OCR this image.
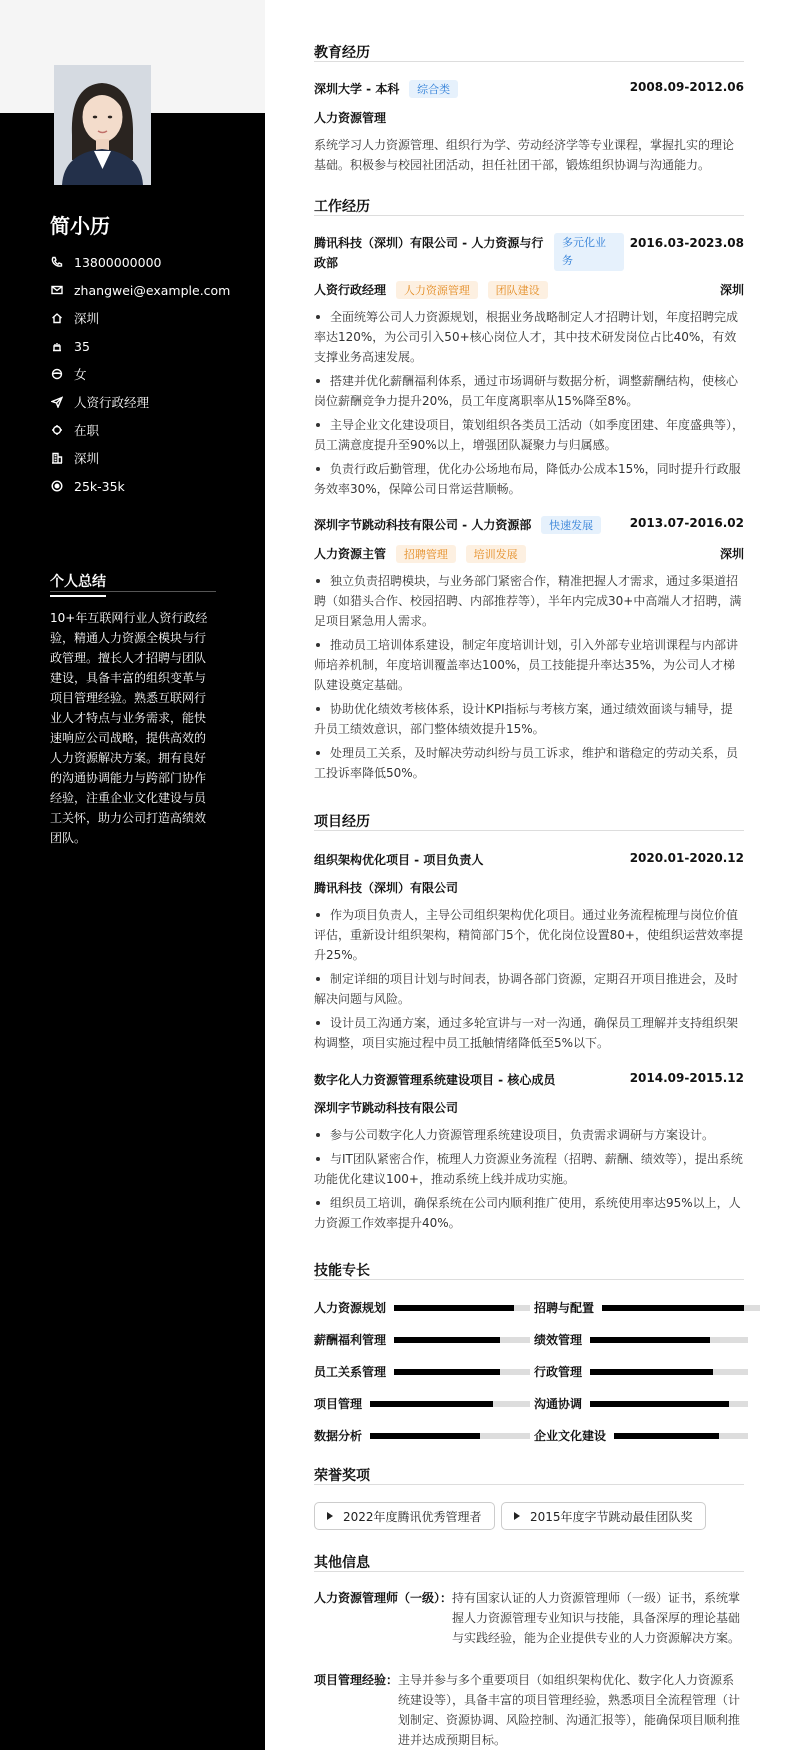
简小历
13800000000
zhangwei@example.com
深圳
35
女
人资行政经理
在职
深圳
25k-35k
个人总结
10+年互联网行业人资行政经验，精通人力资源全模块与行政管理。擅长人才招聘与团队建设，具备丰富的组织变革与项目管理经验。熟悉互联网行业人才特点与业务需求，能快速响应公司战略，提供高效的人力资源解决方案。拥有良好的沟通协调能力与跨部门协作经验，注重企业文化建设与员工关怀，助力公司打造高绩效团队。
教育经历
深圳大学 - 本科 综合类	2008.09-2012.06
人力资源管理
系统学习人力资源管理、组织行为学、劳动经济学等专业课程，掌握扎实的理论基础。积极参与校园社团活动，担任社团干部，锻炼组织协调与沟通能力。
工作经历
腾讯科技（深圳）有限公司 - 人力资源与行政部
多元化业务
2016.03-2023.08
人资行政经理 人力资源管理 团队建设	深圳
全面统筹公司人力资源规划，根据业务战略制定人才招聘计划，年度招聘完成率达120%，为公司引入50+核心岗位人才，其中技术研发岗位占比40%，有效支撑业务高速发展。
搭建并优化薪酬福利体系，通过市场调研与数据分析，调整薪酬结构，使核心岗位薪酬竞争力提升20%，员工年度离职率从15%降至8%。
主导企业文化建设项目，策划组织各类员工活动（如季度团建、年度盛典等），员工满意度提升至90%以上，增强团队凝聚力与归属感。
负责行政后勤管理，优化办公场地布局，降低办公成本15%，同时提升行政服务效率30%，保障公司日常运营顺畅。
深圳字节跳动科技有限公司 - 人力资源部 快速发展	2013.07-2016.02
人力资源主管 招聘管理 培训发展	深圳
独立负责招聘模块，与业务部门紧密合作，精准把握人才需求，通过多渠道招聘（如猎头合作、校园招聘、内部推荐等），半年内完成30+中高端人才招聘，满足项目紧急用人需求。
推动员工培训体系建设，制定年度培训计划，引入外部专业培训课程与内部讲师培养机制，年度培训覆盖率达100%，员工技能提升率达35%，为公司人才梯队建设奠定基础。
协助优化绩效考核体系，设计KPI指标与考核方案，通过绩效面谈与辅导，提升员工绩效意识，部门整体绩效提升15%。
处理员工关系，及时解决劳动纠纷与员工诉求，维护和谐稳定的劳动关系，员工投诉率降低50%。
项目经历
组织架构优化项目 - 项目负责人	2020.01-2020.12
腾讯科技（深圳）有限公司
作为项目负责人，主导公司组织架构优化项目。通过业务流程梳理与岗位价值评估，重新设计组织架构，精简部门5个，优化岗位设置80+，使组织运营效率提升25%。
制定详细的项目计划与时间表，协调各部门资源，定期召开项目推进会，及时解决问题与风险。
设计员工沟通方案，通过多轮宣讲与一对一沟通，确保员工理解并支持组织架构调整，项目实施过程中员工抵触情绪降低至5%以下。
数字化人力资源管理系统建设项目 - 核心成员	2014.09-2015.12
深圳字节跳动科技有限公司
参与公司数字化人力资源管理系统建设项目，负责需求调研与方案设计。
与IT团队紧密合作，梳理人力资源业务流程（招聘、薪酬、绩效等），提出系统功能优化建议100+，推动系统上线并成功实施。
组织员工培训，确保系统在公司内顺利推广使用，系统使用率达95%以上，人力资源工作效率提升40%。
技能专长
人力资源规划	招聘与配置
薪酬福利管理	绩效管理
员工关系管理	行政管理
项目管理	沟通协调
数据分析	企业文化建设
荣誉奖项
2022年度腾讯优秀管理者	2015年度字节跳动最佳团队奖
其他信息
人力资源管理师（一级）： 持有国家认证的人力资源管理师（一级）证书，系统掌握人力资源管理专业知识与技能，具备深厚的理论基础与实践经验，能为企业提供专业的人力资源解决方案。
项目管理经验： 主导并参与多个重要项目（如组织架构优化、数字化人力资源系统建设等），具备丰富的项目管理经验，熟悉项目全流程管理（计划制定、资源协调、风险控制、沟通汇报等），能确保项目顺利推进并达成预期目标。
